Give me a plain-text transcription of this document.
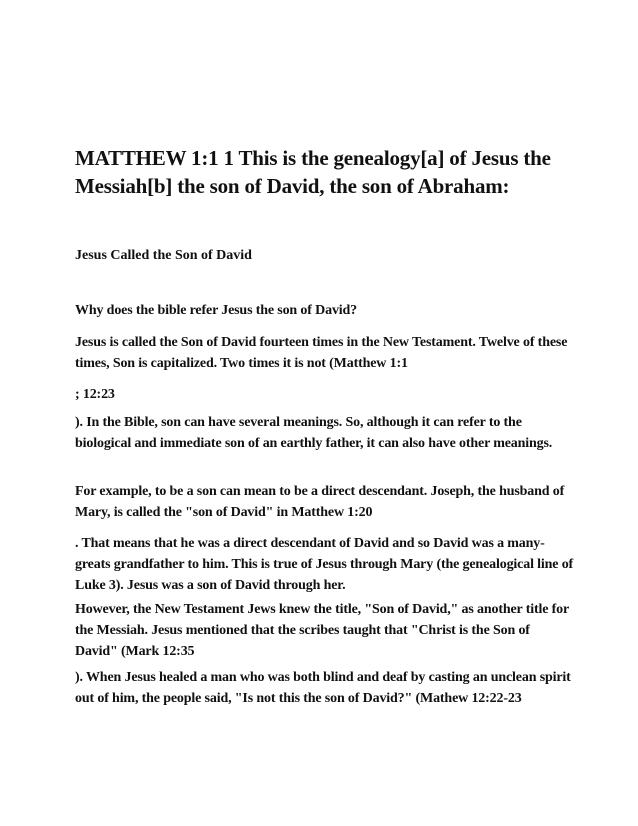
MATTHEW 1:1 1 This is the genealogy[a] of Jesus the Messiah[b] the son of David, the son of Abraham:

Jesus Called the Son of David

Why does the bible refer Jesus the son of David?

Jesus is called the Son of David fourteen times in the New Testament. Twelve of these times, Son is capitalized. Two times it is not (Matthew 1:1

; 12:23

). In the Bible, son can have several meanings. So, although it can refer to the biological and immediate son of an earthly father, it can also have other meanings.

For example, to be a son can mean to be a direct descendant. Joseph, the husband of Mary, is called the "son of David" in Matthew 1:20

. That means that he was a direct descendant of David and so David was a many-greats grandfather to him. This is true of Jesus through Mary (the genealogical line of Luke 3). Jesus was a son of David through her.

However, the New Testament Jews knew the title, "Son of David," as another title for the Messiah. Jesus mentioned that the scribes taught that "Christ is the Son of David" (Mark 12:35

). When Jesus healed a man who was both blind and deaf by casting an unclean spirit out of him, the people said, "Is not this the son of David?" (Mathew 12:22-23
